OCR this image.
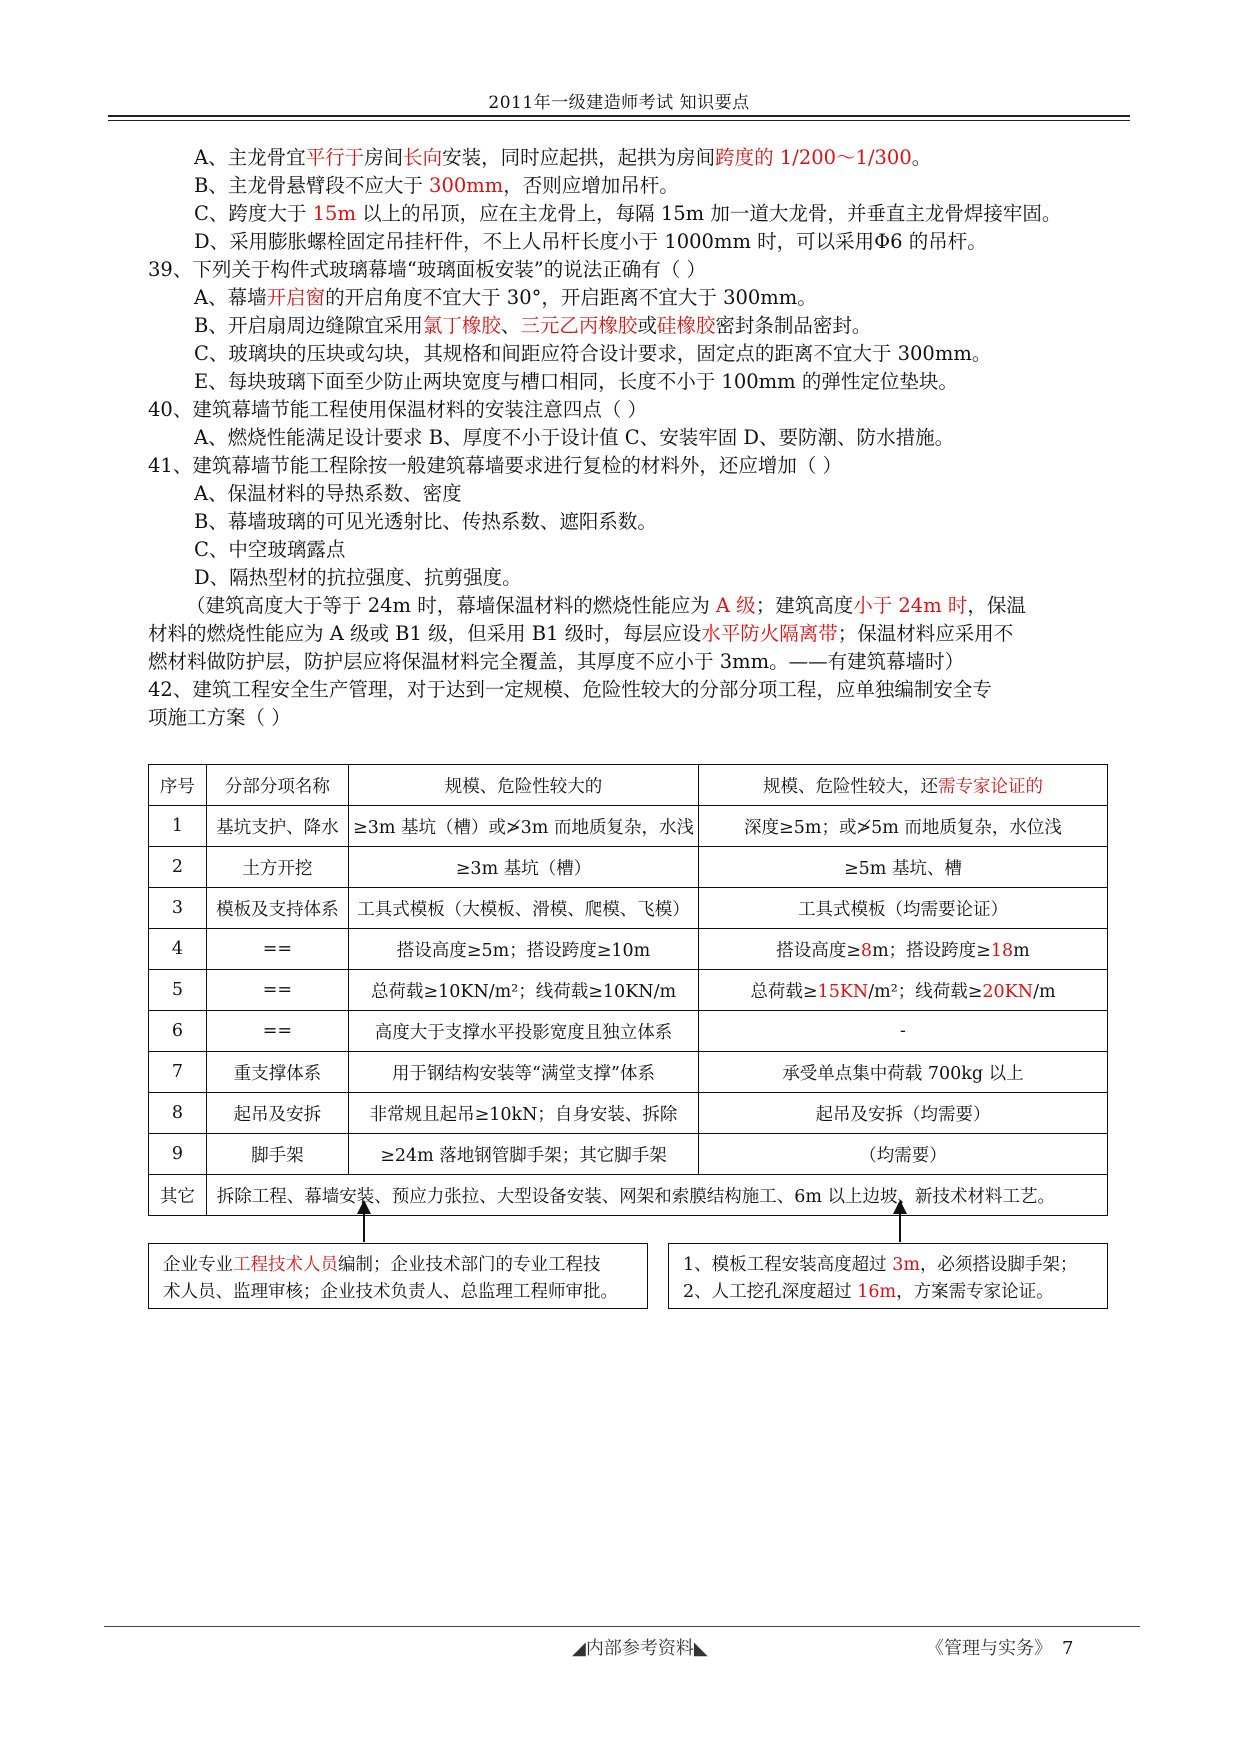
2011年一级建造师考试 知识要点
A、主龙骨宜平行于房间长向安装，同时应起拱，起拱为房间跨度的 1/200～1/300。
B、主龙骨悬臂段不应大于 300mm，否则应增加吊杆。
C、跨度大于 15m 以上的吊顶，应在主龙骨上，每隔 15m 加一道大龙骨，并垂直主龙骨焊接牢固。
D、采用膨胀螺栓固定吊挂杆件，不上人吊杆长度小于 1000mm 时，可以采用Φ6 的吊杆。
39、下列关于构件式玻璃幕墙“玻璃面板安装”的说法正确有（ ）
A、幕墙开启窗的开启角度不宜大于 30°，开启距离不宜大于 300mm。
B、开启扇周边缝隙宜采用氯丁橡胶、三元乙丙橡胶或硅橡胶密封条制品密封。
C、玻璃块的压块或勾块，其规格和间距应符合设计要求，固定点的距离不宜大于 300mm。
E、每块玻璃下面至少防止两块宽度与槽口相同，长度不小于 100mm 的弹性定位垫块。
40、建筑幕墙节能工程使用保温材料的安装注意四点（ ）
A、燃烧性能满足设计要求 B、厚度不小于设计值 C、安装牢固 D、要防潮、防水措施。
41、建筑幕墙节能工程除按一般建筑幕墙要求进行复检的材料外，还应增加（ ）
A、保温材料的导热系数、密度
B、幕墙玻璃的可见光透射比、传热系数、遮阳系数。
C、中空玻璃露点
D、隔热型材的抗拉强度、抗剪强度。
（建筑高度大于等于 24m 时，幕墙保温材料的燃烧性能应为 A 级；建筑高度小于 24m 时，保温
材料的燃烧性能应为 A 级或 B1 级，但采用 B1 级时，每层应设水平防火隔离带；保温材料应采用不
燃材料做防护层，防护层应将保温材料完全覆盖，其厚度不应小于 3mm。——有建筑幕墙时）
42、建筑工程安全生产管理，对于达到一定规模、危险性较大的分部分项工程，应单独编制安全专
项施工方案（ ）
序号	分部分项名称	规模、危险性较大的	规模、危险性较大，还需专家论证的
1	基坑支护、降水	≥3m 基坑（槽）或≯3m 而地质复杂，水浅	深度≥5m；或≯5m 而地质复杂，水位浅
2	土方开挖	≥3m 基坑（槽）	≥5m 基坑、槽
3	模板及支持体系	工具式模板（大模板、滑模、爬模、飞模）	工具式模板（均需要论证）
4	==	搭设高度≥5m；搭设跨度≥10m	搭设高度≥8m；搭设跨度≥18m
5	==	总荷载≥10KN/m²；线荷载≥10KN/m	总荷载≥15KN/m²；线荷载≥20KN/m
6	==	高度大于支撑水平投影宽度且独立体系	-
7	重支撑体系	用于钢结构安装等“满堂支撑”体系	承受单点集中荷载 700kg 以上
8	起吊及安拆	非常规且起吊≥10kN；自身安装、拆除	起吊及安拆（均需要）
9	脚手架	≥24m 落地钢管脚手架；其它脚手架	（均需要）
其它	拆除工程、幕墙安装、预应力张拉、大型设备安装、网架和索膜结构施工、6m 以上边坡、新技术材料工艺。		
企业专业工程技术人员编制；企业技术部门的专业工程技
术人员、监理审核；企业技术负责人、总监理工程师审批。
1、模板工程安装高度超过 3m，必须搭设脚手架；
2、人工挖孔深度超过 16m，方案需专家论证。
◢内部参考资料◣	《管理与实务》 7
